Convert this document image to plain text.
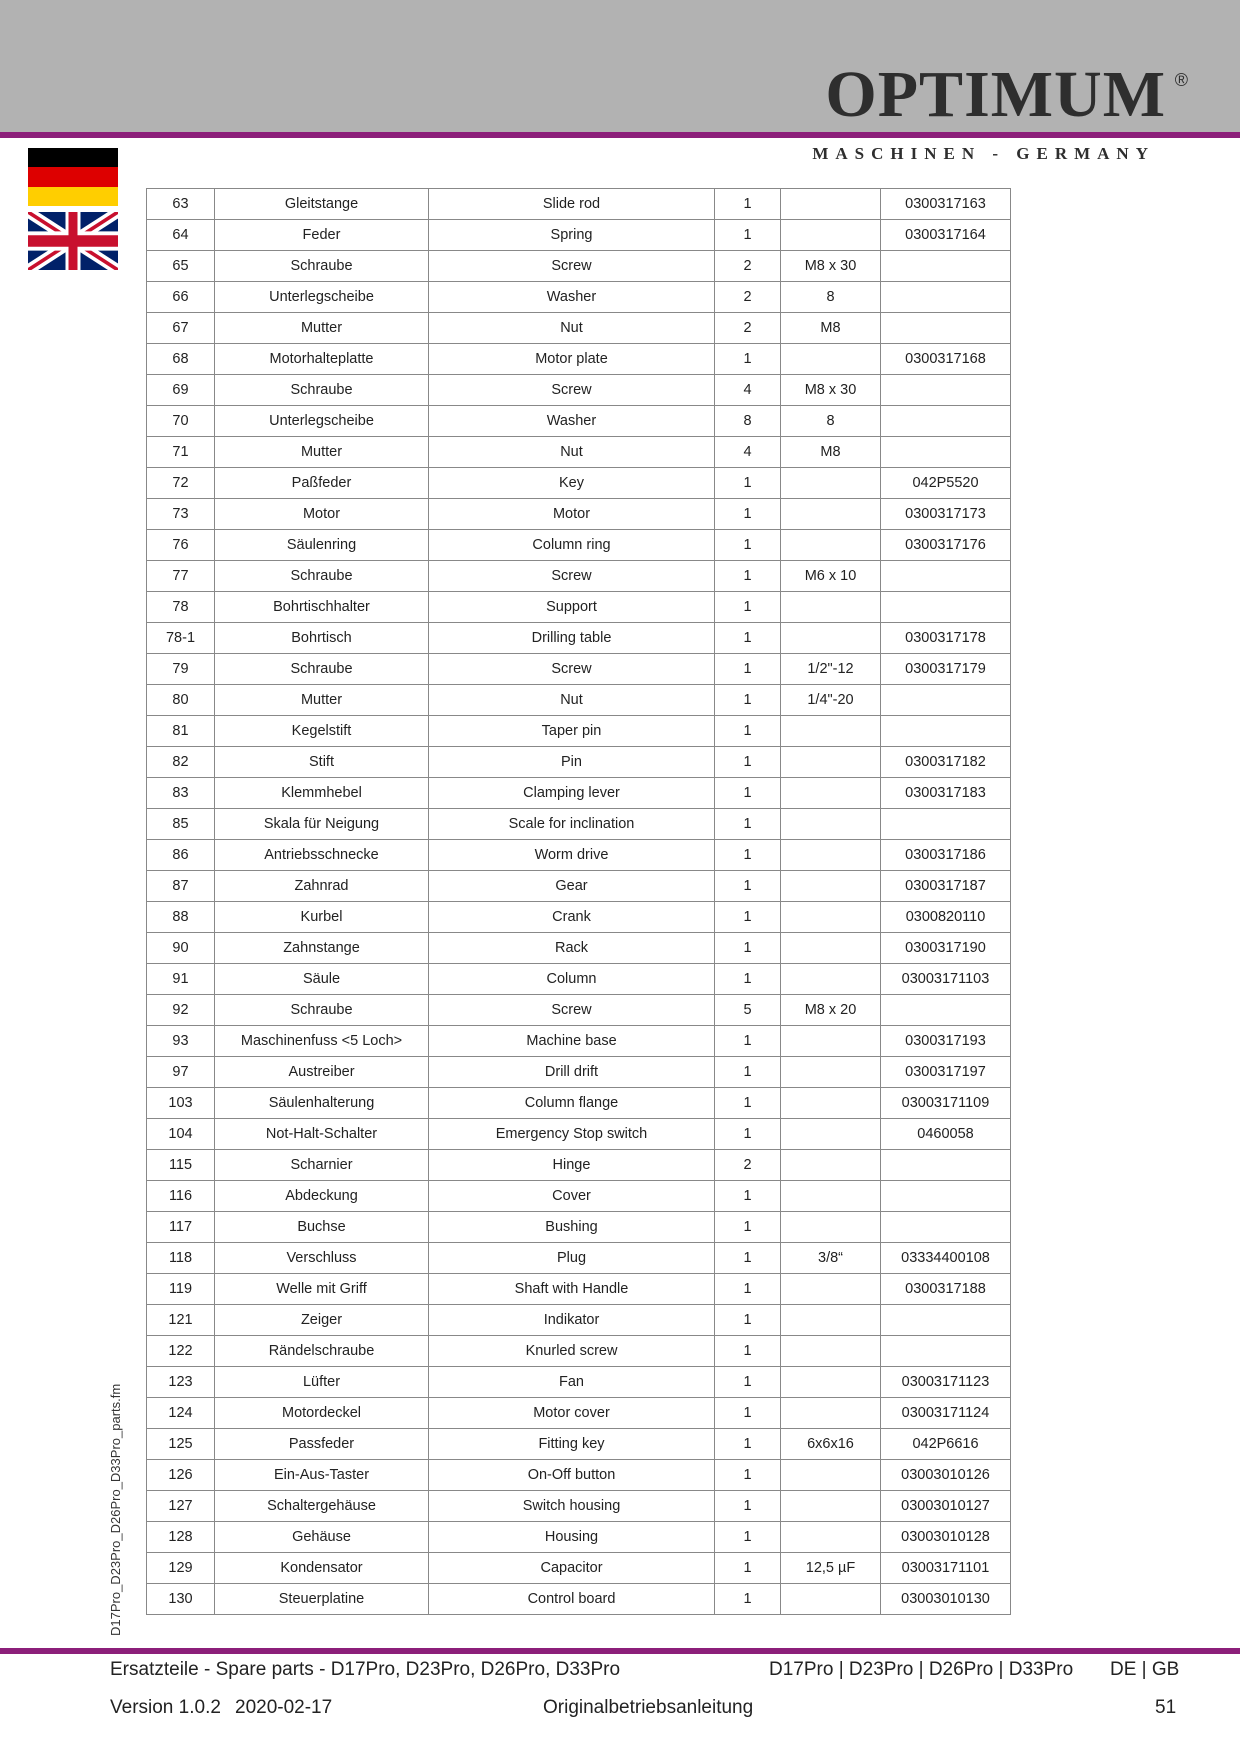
OPTIMUM ®
MASCHINEN - GERMANY
D17Pro_D23Pro_D26Pro_D33Pro_parts.fm
63	Gleitstange	Slide rod	1		0300317163
64	Feder	Spring	1		0300317164
65	Schraube	Screw	2	M8 x 30	
66	Unterlegscheibe	Washer	2	8	
67	Mutter	Nut	2	M8	
68	Motorhalteplatte	Motor plate	1		0300317168
69	Schraube	Screw	4	M8 x 30	
70	Unterlegscheibe	Washer	8	8	
71	Mutter	Nut	4	M8	
72	Paßfeder	Key	1		042P5520
73	Motor	Motor	1		0300317173
76	Säulenring	Column ring	1		0300317176
77	Schraube	Screw	1	M6 x 10	
78	Bohrtischhalter	Support	1		
78-1	Bohrtisch	Drilling table	1		0300317178
79	Schraube	Screw	1	1/2"-12	0300317179
80	Mutter	Nut	1	1/4"-20	
81	Kegelstift	Taper pin	1		
82	Stift	Pin	1		0300317182
83	Klemmhebel	Clamping lever	1		0300317183
85	Skala für Neigung	Scale for inclination	1		
86	Antriebsschnecke	Worm drive	1		0300317186
87	Zahnrad	Gear	1		0300317187
88	Kurbel	Crank	1		0300820110
90	Zahnstange	Rack	1		0300317190
91	Säule	Column	1		03003171103
92	Schraube	Screw	5	M8 x 20	
93	Maschinenfuss <5 Loch>	Machine base	1		0300317193
97	Austreiber	Drill drift	1		0300317197
103	Säulenhalterung	Column flange	1		03003171109
104	Not-Halt-Schalter	Emergency Stop switch	1		0460058
115	Scharnier	Hinge	2		
116	Abdeckung	Cover	1		
117	Buchse	Bushing	1		
118	Verschluss	Plug	1	3/8“	03334400108
119	Welle mit Griff	Shaft with Handle	1		0300317188
121	Zeiger	Indikator	1		
122	Rändelschraube	Knurled screw	1		
123	Lüfter	Fan	1		03003171123
124	Motordeckel	Motor cover	1		03003171124
125	Passfeder	Fitting key	1	6x6x16	042P6616
126	Ein-Aus-Taster	On-Off button	1		03003010126
127	Schaltergehäuse	Switch housing	1		03003010127
128	Gehäuse	Housing	1		03003010128
129	Kondensator	Capacitor	1	12,5 µF	03003171101
130	Steuerplatine	Control board	1		03003010130
Ersatzteile - Spare parts - D17Pro, D23Pro, D26Pro, D33Pro	D17Pro | D23Pro | D26Pro | D33Pro DE | GB
Version 1.0.2 2020-02-17	Originalbetriebsanleitung	51
